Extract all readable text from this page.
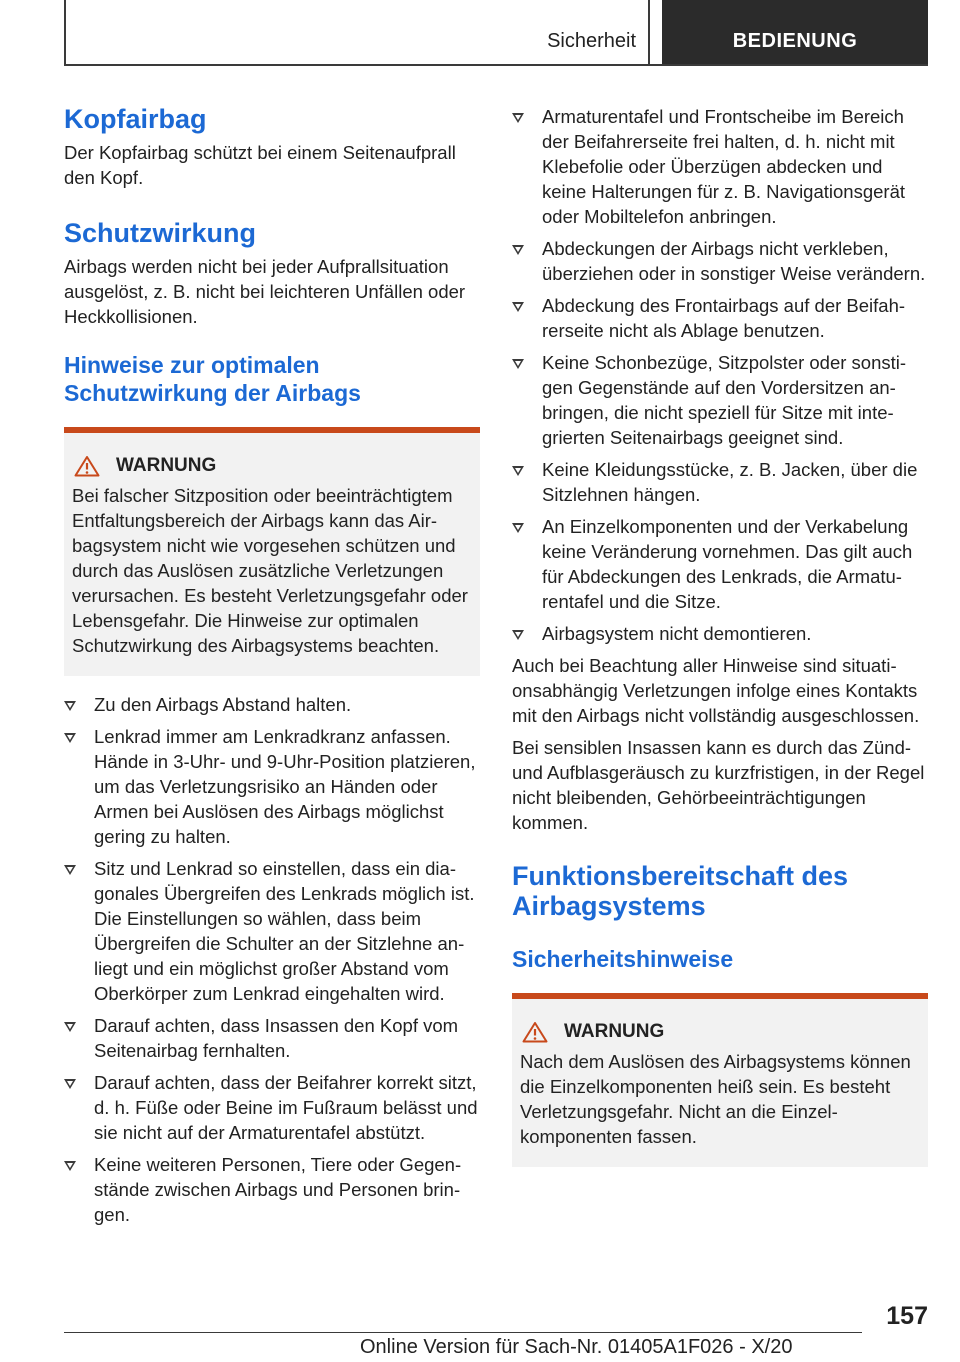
Sicherheit	BEDIENUNG
Kopfairbag

Der Kopfairbag schützt bei einem Seitenaufprall den Kopf.

Schutzwirkung

Airbags werden nicht bei jeder Aufprallsituation ausgelöst, z. B. nicht bei leichteren Unfällen oder Heckkollisionen.

Hinweise zur optimalen
Schutzwirkung der Airbags
WARNUNG

Bei falscher Sitzposition oder beeinträchtigtem Entfaltungsbereich der Airbags kann das Airbagsystem nicht wie vorgesehen schützen und durch das Auslösen zusätzliche Verletzungen verursachen. Es besteht Verletzungsgefahr oder Lebensgefahr. Die Hinweise zur optimalen Schutzwirkung des Airbagsystems beachten.

Zu den Airbags Abstand halten.
Lenkrad immer am Lenkradkranz anfassen. Hände in 3-Uhr- und 9-Uhr-Position platzieren, um das Verletzungsrisiko an Händen oder Armen bei Auslösen des Airbags möglichst gering zu halten.
Sitz und Lenkrad so einstellen, dass ein diagonales Übergreifen des Lenkrads möglich ist. Die Einstellungen so wählen, dass beim Übergreifen die Schulter an der Sitzlehne anliegt und ein möglichst großer Abstand vom Oberkörper zum Lenkrad eingehalten wird.
Darauf achten, dass Insassen den Kopf vom Seitenairbag fernhalten.
Darauf achten, dass der Beifahrer korrekt sitzt, d. h. Füße oder Beine im Fußraum belässt und sie nicht auf der Armaturentafel abstützt.
Keine weiteren Personen, Tiere oder Gegenstände zwischen Airbags und Personen bringen.
Armaturentafel und Frontscheibe im Bereich der Beifahrerseite frei halten, d. h. nicht mit Klebefolie oder Überzügen abdecken und keine Halterungen für z. B. Navigationsgerät oder Mobiltelefon anbringen.
Abdeckungen der Airbags nicht verkleben, überziehen oder in sonstiger Weise verändern.
Abdeckung des Frontairbags auf der Beifahrerseite nicht als Ablage benutzen.
Keine Schonbezüge, Sitzpolster oder sonstigen Gegenstände auf den Vordersitzen anbringen, die nicht speziell für Sitze mit integrierten Seitenairbags geeignet sind.
Keine Kleidungsstücke, z. B. Jacken, über die Sitzlehnen hängen.
An Einzelkomponenten und der Verkabelung keine Veränderung vornehmen. Das gilt auch für Abdeckungen des Lenkrads, die Armaturentafel und die Sitze.
Airbagsystem nicht demontieren.

Auch bei Beachtung aller Hinweise sind situationsabhängig Verletzungen infolge eines Kontakts mit den Airbags nicht vollständig ausgeschlossen.

Bei sensiblen Insassen kann es durch das Zünd- und Aufblasgeräusch zu kurzfristigen, in der Regel nicht bleibenden, Gehörbeeinträchtigungen kommen.

Funktionsbereitschaft des
Airbagsystems
Sicherheitshinweise
WARNUNG

Nach dem Auslösen des Airbagsystems können die Einzelkomponenten heiß sein. Es besteht Verletzungsgefahr. Nicht an die Einzelkomponenten fassen.

157
Online Version für Sach-Nr. 01405A1F026 - X/20
